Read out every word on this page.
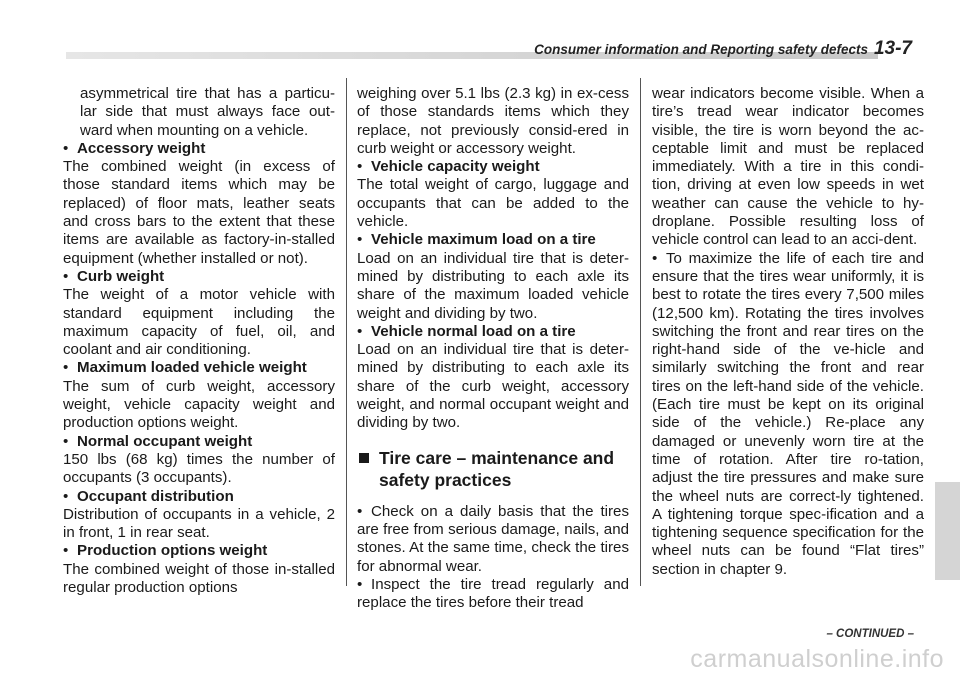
Consumer information and Reporting safety defects 13-7

asymmetrical tire that has a particu-lar side that must always face out-ward when mounting on a vehicle.

• Accessory weight

The combined weight (in excess of those standard items which may be replaced) of floor mats, leather seats and cross bars to the extent that these items are available as factory-in-stalled equipment (whether installed or not).

• Curb weight

The weight of a motor vehicle with standard equipment including the maximum capacity of fuel, oil, and coolant and air conditioning.

• Maximum loaded vehicle weight

The sum of curb weight, accessory weight, vehicle capacity weight and production options weight.

• Normal occupant weight

150 lbs (68 kg) times the number of occupants (3 occupants).

• Occupant distribution

Distribution of occupants in a vehicle, 2 in front, 1 in rear seat.

• Production options weight

The combined weight of those in-stalled regular production options

weighing over 5.1 lbs (2.3 kg) in ex-cess of those standards items which they replace, not previously consid-ered in curb weight or accessory weight.

• Vehicle capacity weight

The total weight of cargo, luggage and occupants that can be added to the vehicle.

• Vehicle maximum load on a tire

Load on an individual tire that is deter-mined by distributing to each axle its share of the maximum loaded vehicle weight and dividing by two.

• Vehicle normal load on a tire

Load on an individual tire that is deter-mined by distributing to each axle its share of the curb weight, accessory weight, and normal occupant weight and dividing by two.

Tire care – maintenance and
safety practices

• Check on a daily basis that the tires are free from serious damage, nails, and stones. At the same time, check the tires for abnormal wear.

• Inspect the tire tread regularly and replace the tires before their tread

wear indicators become visible. When a tire’s tread wear indicator becomes visible, the tire is worn beyond the ac-ceptable limit and must be replaced immediately. With a tire in this condi-tion, driving at even low speeds in wet weather can cause the vehicle to hy-droplane. Possible resulting loss of vehicle control can lead to an acci-dent.

• To maximize the life of each tire and ensure that the tires wear uniformly, it is best to rotate the tires every 7,500 miles (12,500 km). Rotating the tires involves switching the front and rear tires on the right-hand side of the ve-hicle and similarly switching the front and rear tires on the left-hand side of the vehicle. (Each tire must be kept on its original side of the vehicle.) Re-place any damaged or unevenly worn tire at the time of rotation. After tire ro-tation, adjust the tire pressures and make sure the wheel nuts are correct-ly tightened. A tightening torque spec-ification and a tightening sequence specification for the wheel nuts can be found “Flat tires” section in chapter 9.

– CONTINUED –
carmanualsonline.info
